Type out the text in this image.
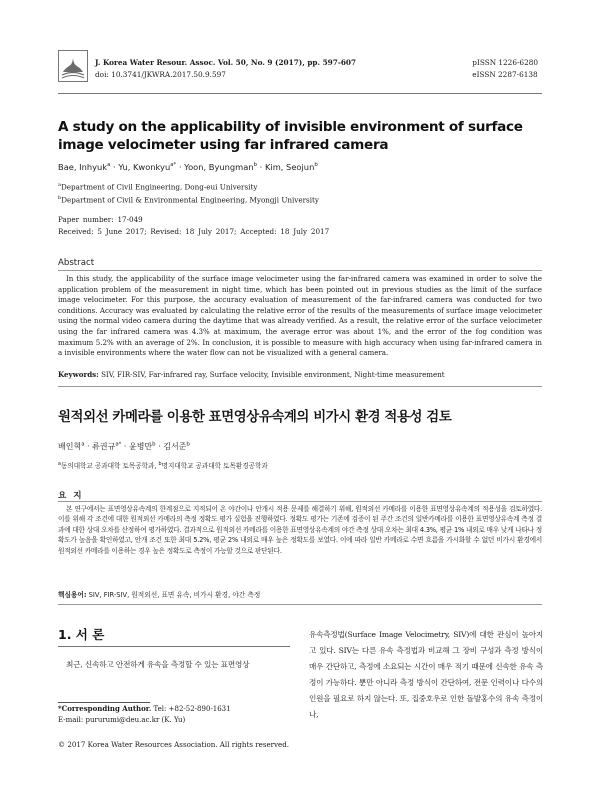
J. Korea Water Resour. Assoc. Vol. 50, No. 9 (2017), pp. 597-607
doi: 10.3741/JKWRA.2017.50.9.597
pISSN 1226-6280
eISSN 2287-6138
A study on the applicability of invisible environment of surface image velocimeter using far infrared camera
Bae, Inhyuk$^a$ · Yu, Kwonkyu$^{a*}$ · Yoon, Byungman$^b$ · Kim, Seojun$^b$
$^a$Department of Civil Engineering, Dong-eui University
$^b$Department of Civil & Environmental Engineering, Myongji University
Paper number: 17-049
Received: 5 June 2017; Revised: 18 July 2017; Accepted: 18 July 2017
Abstract
In this study, the applicability of the surface image velocimeter using the far-infrared camera was examined in order to solve the application problem of the measurement in night time, which has been pointed out in previous studies as the limit of the surface image velocimeter. For this purpose, the accuracy evaluation of measurement of the far-infrared camera was conducted for two conditions. Accuracy was evaluated by calculating the relative error of the results of the measurements of surface image velocimeter using the normal video camera during the daytime that was already verified. As a result, the relative error of the surface velocimeter using the far infrared camera was 4.3% at maximum, the average error was about 1%, and the error of the fog condition was maximum 5.2% with an average of 2%. In conclusion, it is possible to measure with high accuracy when using far-infrared camera in a invisible environments where the water flow can not be visualized with a general camera.
Keywords: SIV, FIR-SIV, Far-infrared ray, Surface velocity, Invisible environment, Night-time measurement
원적외선 카메라를 이용한 표면영상유속계의 비가시 환경 적용성 검토
배인혁$^a$ · 류권규$^{a*}$ · 윤병만$^b$ · 김서준$^b$
$^a$동의대학교 공과대학 토목공학과, $^b$명지대학교 공과대학 토목환경공학과
요 지
본 연구에서는 표면영상유속계의 한계점으로 지적되어 온 야간이나 안개시 적용 문제를 해결하기 위해, 원적외선 카메라를 이용한 표면영상유속계의 적용성을 검토하였다. 이를 위해 각 조건에 대한 원적외선 카메라의 측정 정확도 평가 실험을 진행하였다. 정확도 평가는 기존에 검증이 된 주간 조건의 일반카메라를 이용한 표면영상유속계 측정 결과에 대한 상대 오차를 산정하여 평가하였다. 결과적으로 원적외선 카메라를 이용한 표면영상유속계의 야간 측정 상대 오차는 최대 4.3%, 평균 1% 내외로 매우 낮게 나타나 정확도가 높음을 확인하였고, 안개 조건 또한 최대 5.2%, 평균 2% 내외로 매우 높은 정확도를 보였다. 이에 따라 일반 카메라로 수면 흐름을 가시화할 수 없던 비가시 환경에서 원적외선 카메라를 이용하는 경우 높은 정확도로 측정이 가능할 것으로 판단된다.
핵심용어: SIV, FIR-SIV, 원적외선, 표면 유속, 비가시 환경, 야간 측정
1. 서 론
최근, 신속하고 안전하게 유속을 측정할 수 있는 표면영상
유속측정법(Surface Image Velocimetry, SIV)에 대한 관심이 높아지고 있다. SIV는 다른 유속 측정법과 비교해 그 장비 구성과 측정 방식이 매우 간단하고, 측정에 소요되는 시간이 매우 적기 때문에 신속한 유속 측정이 가능하다. 뿐만 아니라 측정 방식이 간단하여, 전문 인력이나 다수의 인원을 필요로 하지 않는다. 또, 집중호우로 인한 돌발홍수의 유속 측정이나,
*Corresponding Author. Tel: +82-52-890-1631
E-mail: pururumi@deu.ac.kr (K. Yu)
© 2017 Korea Water Resources Association. All rights reserved.
